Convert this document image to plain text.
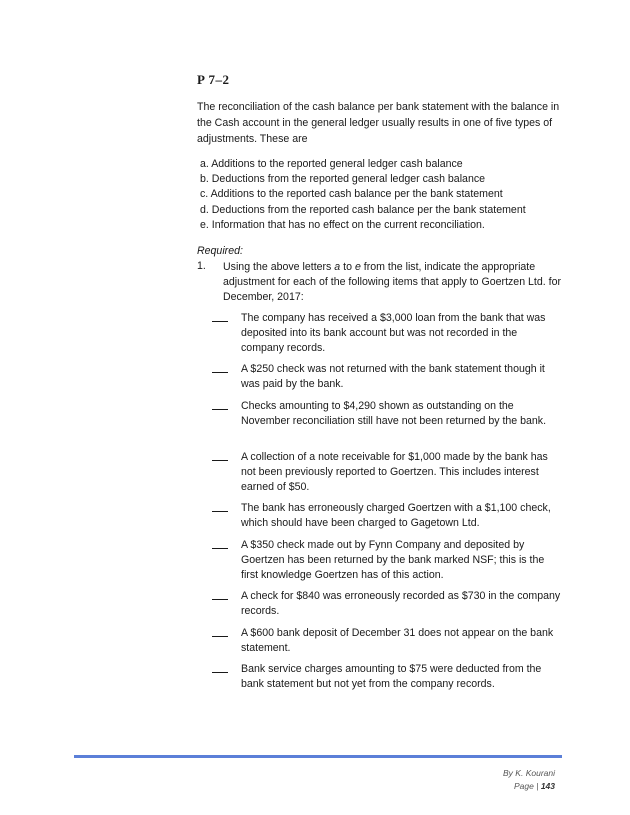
P 7–2
The reconciliation of the cash balance per bank statement with the balance in the Cash account in the general ledger usually results in one of five types of adjustments. These are
a. Additions to the reported general ledger cash balance
b. Deductions from the reported general ledger cash balance
c. Additions to the reported cash balance per the bank statement
d. Deductions from the reported cash balance per the bank statement
e. Information that has no effect on the current reconciliation.
Required:
1. Using the above letters a to e from the list, indicate the appropriate adjustment for each of the following items that apply to Goertzen Ltd. for December, 2017:
The company has received a $3,000 loan from the bank that was deposited into its bank account but was not recorded in the company records.
A $250 check was not returned with the bank statement though it was paid by the bank.
Checks amounting to $4,290 shown as outstanding on the November reconciliation still have not been returned by the bank.
A collection of a note receivable for $1,000 made by the bank has not been previously reported to Goertzen. This includes interest earned of $50.
The bank has erroneously charged Goertzen with a $1,100 check, which should have been charged to Gagetown Ltd.
A $350 check made out by Fynn Company and deposited by Goertzen has been returned by the bank marked NSF; this is the first knowledge Goertzen has of this action.
A check for $840 was erroneously recorded as $730 in the company records.
A $600 bank deposit of December 31 does not appear on the bank statement.
Bank service charges amounting to $75 were deducted from the bank statement but not yet from the company records.
By K. Kourani
Page | 143
